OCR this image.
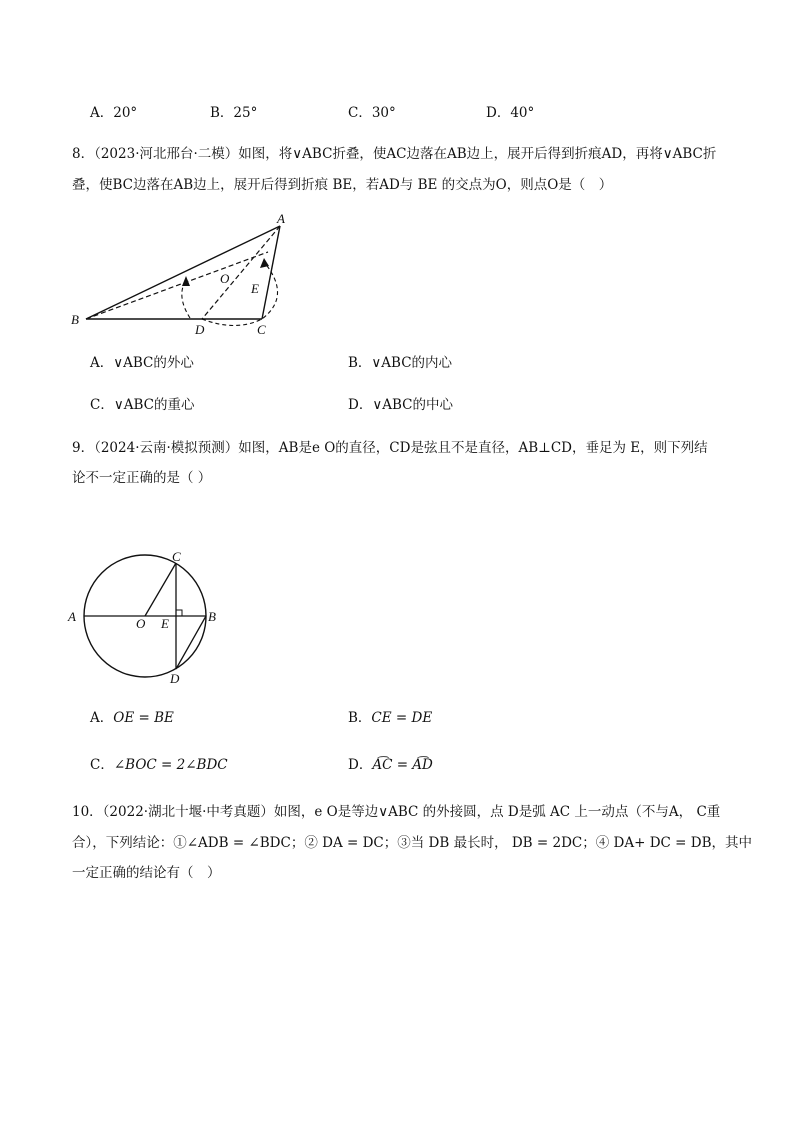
A．20°	B．25°	C．30°	D．40°
8．（2023·河北邢台·二模）如图，将∨ABC折叠，使AC边落在AB边上，展开后得到折痕AD，再将∨ABC折
叠，使BC边落在AB边上，展开后得到折痕 BE，若AD与 BE 的交点为O，则点O是（　）
A
B
C
D
E
O
A．∨ABC的外心	B．∨ABC的内心
C．∨ABC的重心	D．∨ABC的中心
9．（2024·云南·模拟预测）如图，AB是e O的直径，CD是弦且不是直径，AB⊥CD，垂足为 E，则下列结
论不一定正确的是（ ）
A	B
C
D
E
O
A．OE = BE	B．CE = DE
C．∠BOC = 2∠BDC	D．A͡C = A͡D
10．（2022·湖北十堰·中考真题）如图，e O是等边∨ABC 的外接圆，点 D是弧 AC 上一动点（不与A， C重
合），下列结论：①∠ADB = ∠BDC；② DA = DC；③当 DB 最长时， DB = 2DC；④ DA+ DC = DB，其中
一定正确的结论有（　）
